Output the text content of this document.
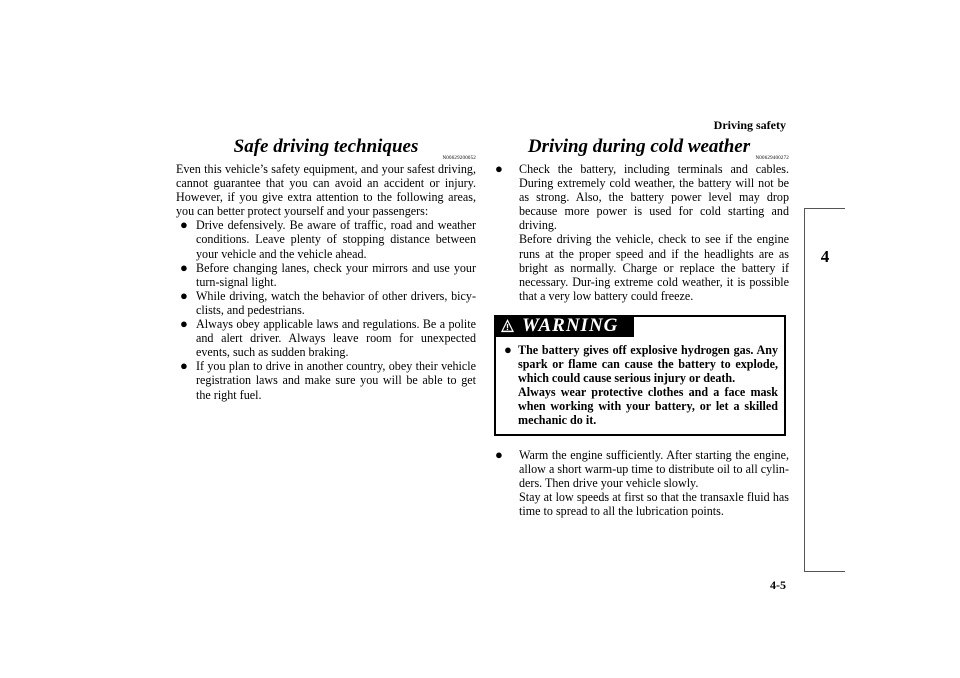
Driving safety
4
Safe driving techniques
N00629200052
Even this vehicle’s safety equipment, and your safest driving, cannot guarantee that you can avoid an accident or injury. However, if you give extra attention to the following areas, you can better protect yourself and your passengers:
● Drive defensively. Be aware of traffic, road and weather conditions. Leave plenty of stopping distance between your vehicle and the vehicle ahead.
● Before changing lanes, check your mirrors and use your turn-signal light.
● While driving, watch the behavior of other drivers, bicy-clists, and pedestrians.
● Always obey applicable laws and regulations. Be a polite and alert driver. Always leave room for unexpected events, such as sudden braking.
● If you plan to drive in another country, obey their vehicle registration laws and make sure you will be able to get the right fuel.
Driving during cold weather
N00629400272
● Check the battery, including terminals and cables. During extremely cold weather, the battery will not be as strong. Also, the battery power level may drop because more power is used for cold starting and driving.
Before driving the vehicle, check to see if the engine runs at the proper speed and if the headlights are as bright as normally. Charge or replace the battery if necessary. Dur-ing extreme cold weather, it is possible that a very low battery could freeze.
WARNING
● The battery gives off explosive hydrogen gas. Any spark or flame can cause the battery to explode, which could cause serious injury or death.
Always wear protective clothes and a face mask when working with your battery, or let a skilled mechanic do it.
● Warm the engine sufficiently. After starting the engine, allow a short warm-up time to distribute oil to all cylin-ders. Then drive your vehicle slowly.
Stay at low speeds at first so that the transaxle fluid has time to spread to all the lubrication points.
4-5
